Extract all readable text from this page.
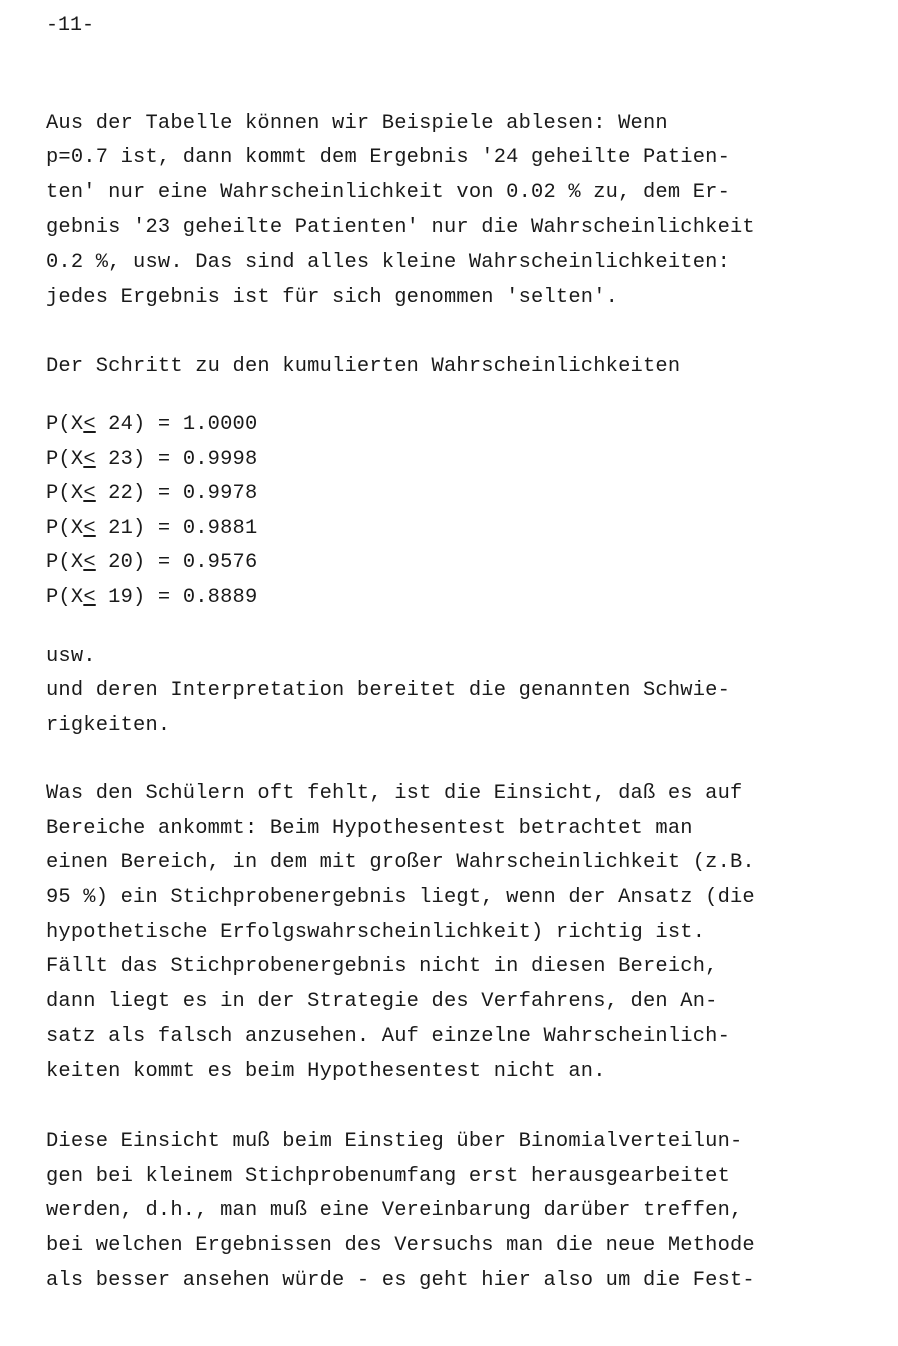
-11-
Aus der Tabelle können wir Beispiele ablesen: Wenn
p=0.7 ist, dann kommt dem Ergebnis '24 geheilte Patien-
ten' nur eine Wahrscheinlichkeit von 0.02 % zu, dem Er-
gebnis '23 geheilte Patienten' nur die Wahrscheinlichkeit
0.2 %, usw. Das sind alles kleine Wahrscheinlichkeiten:
jedes Ergebnis ist für sich genommen 'selten'.
Der Schritt zu den kumulierten Wahrscheinlichkeiten
P(X≤ 24) = 1.0000
P(X≤ 23) = 0.9998
P(X≤ 22) = 0.9978
P(X≤ 21) = 0.9881
P(X≤ 20) = 0.9576
P(X≤ 19) = 0.8889
usw.
und deren Interpretation bereitet die genannten Schwie-
rigkeiten.
Was den Schülern oft fehlt, ist die Einsicht, daß es auf
Bereiche ankommt: Beim Hypothesentest betrachtet man
einen Bereich, in dem mit großer Wahrscheinlichkeit (z.B.
95 %) ein Stichprobenergebnis liegt, wenn der Ansatz (die
hypothetische Erfolgswahrscheinlichkeit) richtig ist.
Fällt das Stichprobenergebnis nicht in diesen Bereich,
dann liegt es in der Strategie des Verfahrens, den An-
satz als falsch anzusehen. Auf einzelne Wahrscheinlich-
keiten kommt es beim Hypothesentest nicht an.
Diese Einsicht muß beim Einstieg über Binomialverteilun-
gen bei kleinem Stichprobenumfang erst herausgearbeitet
werden, d.h., man muß eine Vereinbarung darüber treffen,
bei welchen Ergebnissen des Versuchs man die neue Methode
als besser ansehen würde - es geht hier also um die Fest-
